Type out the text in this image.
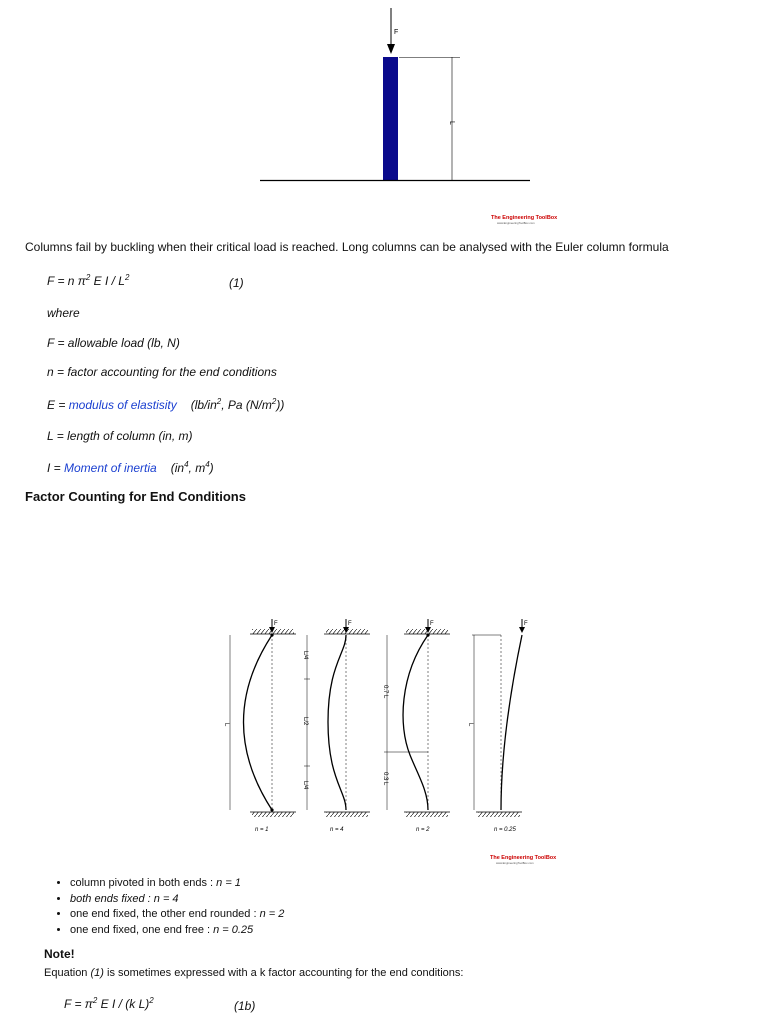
F
L
The Engineering ToolBox
www.EngineeringToolBox.com
Columns fail by buckling when their critical load is reached. Long columns can be analysed with the Euler column formula
F = n $\pi^2$ E I / $L^2$	(1)
where
F = allowable load (lb, N)
n = factor accounting for the end conditions
E = modulus of elastisity ($lb/in^2$, Pa $(N/m^2)$)
L = length of column (in, m)
I = Moment of inertia ($in^4$, $m^4$)
Factor Counting for End Conditions
F
L
n = 1
F
L/4
L/2
L/4
n = 4
F
0.7 L
0.3 L
n = 2
F
L
n = 0.25
The Engineering ToolBox
www.EngineeringToolBox.com
• column pivoted in both ends : n = 1
• both ends fixed : n = 4
• one end fixed, the other end rounded : n = 2
• one end fixed, one end free : n = 0.25
Note!
Equation (1) is sometimes expressed with a k factor accounting for the end conditions:
$F = \pi^2$ E I / (k L)$^2$	(1b)
